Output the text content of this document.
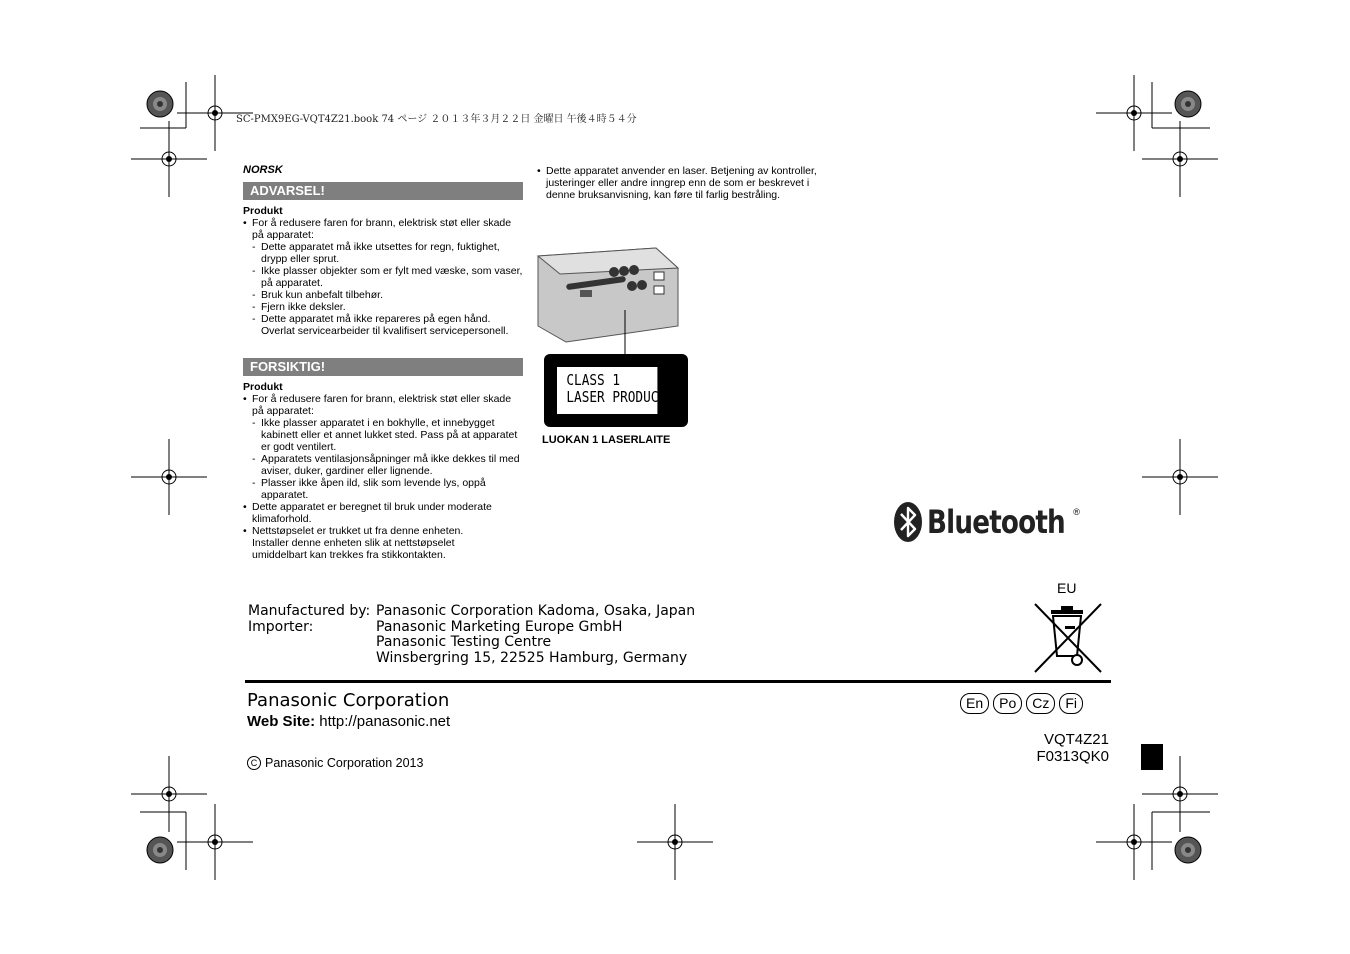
SC-PMX9EG-VQT4Z21.book 74 ページ ２０１３年３月２２日 金曜日 午後４時５４分
NORSK
ADVARSEL!
Produkt
• For å redusere faren for brann, elektrisk støt eller skade på apparatet:
- Dette apparatet må ikke utsettes for regn, fuktighet, drypp eller sprut.
- Ikke plasser objekter som er fylt med væske, som vaser, på apparatet.
- Bruk kun anbefalt tilbehør.
- Fjern ikke deksler.
- Dette apparatet må ikke repareres på egen hånd. Overlat servicearbeider til kvalifisert servicepersonell.
FORSIKTIG!
Produkt
• For å redusere faren for brann, elektrisk støt eller skade på apparatet:
- Ikke plasser apparatet i en bokhylle, et innebygget kabinett eller et annet lukket sted. Pass på at apparatet er godt ventilert.
- Apparatets ventilasjonsåpninger må ikke dekkes til med aviser, duker, gardiner eller lignende.
- Plasser ikke åpen ild, slik som levende lys, oppå apparatet.
• Dette apparatet er beregnet til bruk under moderate klimaforhold.
• Nettstøpselet er trukket ut fra denne enheten. Installer denne enheten slik at nettstøpselet umiddelbart kan trekkes fra stikkontakten.
• Dette apparatet anvender en laser. Betjening av kontroller, justeringer eller andre inngrep enn de som er beskrevet i denne bruksanvisning, kan føre til farlig bestråling.
CLASS 1
LASER PRODUCT
LUOKAN 1 LASERLAITE
Bluetooth ®
EU
Manufactured by: Panasonic Corporation Kadoma, Osaka, Japan
Importer:	Panasonic Marketing Europe GmbH
Panasonic Testing Centre
Winsbergring 15, 22525 Hamburg, Germany
Panasonic Corporation
Web Site: http://panasonic.net
C Panasonic Corporation 2013
En Po Cz Fi
VQT4Z21
F0313QK0
